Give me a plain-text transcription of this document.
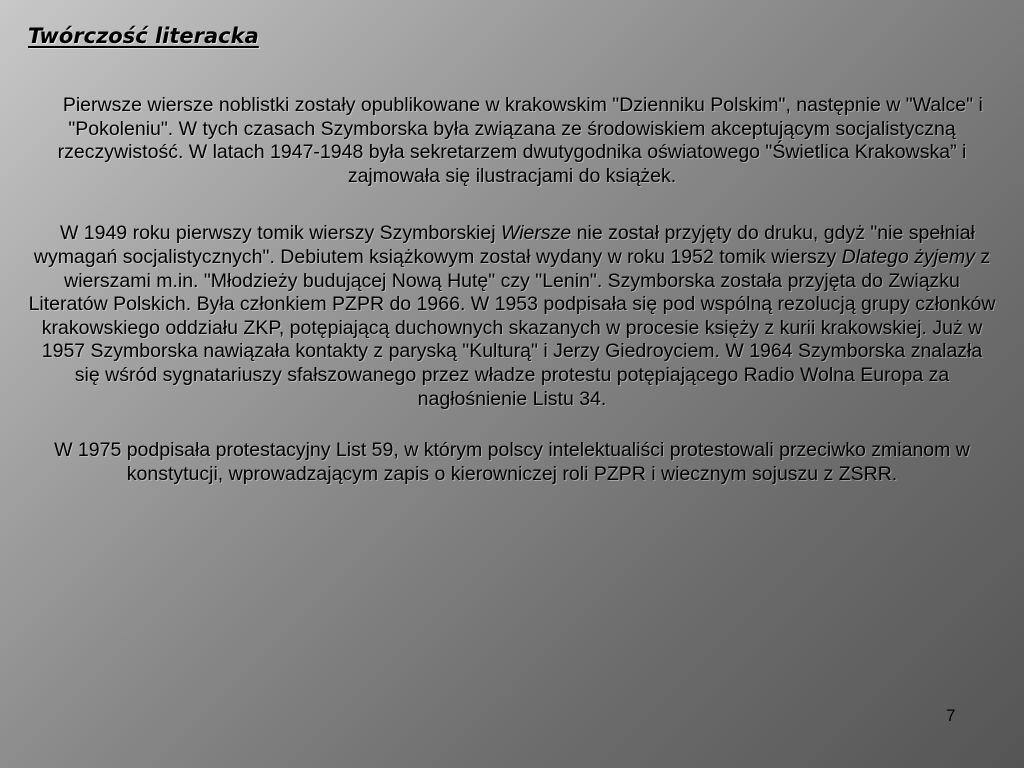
Twórczość literacka

Pierwsze wiersze noblistki zostały opublikowane w krakowskim "Dzienniku Polskim", następnie w "Walce" i "Pokoleniu". W tych czasach Szymborska była związana ze środowiskiem akceptującym socjalistyczną rzeczywistość. W latach 1947-1948 była sekretarzem dwutygodnika oświatowego "Świetlica Krakowska” i zajmowała się ilustracjami do książek.

W 1949 roku pierwszy tomik wierszy Szymborskiej Wiersze nie został przyjęty do druku, gdyż "nie spełniał wymagań socjalistycznych". Debiutem książkowym został wydany w roku 1952 tomik wierszy Dlatego żyjemy z wierszami m.in. "Młodzieży budującej Nową Hutę" czy "Lenin". Szymborska została przyjęta do Związku Literatów Polskich. Była członkiem PZPR do 1966. W 1953 podpisała się pod wspólną rezolucją grupy członków krakowskiego oddziału ZKP, potępiającą duchownych skazanych w procesie księży z kurii krakowskiej. Już w 1957 Szymborska nawiązała kontakty z paryską "Kulturą" i Jerzy Giedroyciem. W 1964 Szymborska znalazła się wśród sygnatariuszy sfałszowanego przez władze protestu potępiającego Radio Wolna Europa za nagłośnienie Listu 34.

W 1975 podpisała protestacyjny List 59, w którym polscy intelektualiści protestowali przeciwko zmianom w konstytucji, wprowadzającym zapis o kierowniczej roli PZPR i wiecznym sojuszu z ZSRR.

7
